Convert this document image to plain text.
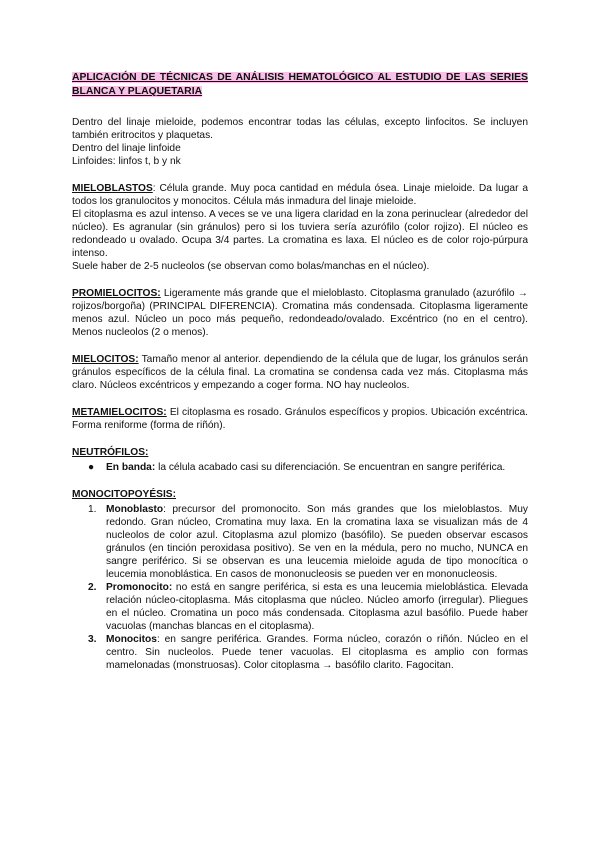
APLICACIÓN DE TÉCNICAS DE ANÁLISIS HEMATOLÓGICO AL ESTUDIO DE LAS SERIES BLANCA Y PLAQUETARIA

Dentro del linaje mieloide, podemos encontrar todas las células, excepto linfocitos. Se incluyen también eritrocitos y plaquetas.

Dentro del linaje linfoide

Linfoides: linfos t, b y nk

MIELOBLASTOS: Célula grande. Muy poca cantidad en médula ósea. Linaje mieloide. Da lugar a todos los granulocitos y monocitos. Célula más inmadura del linaje mieloide.

El citoplasma es azul intenso. A veces se ve una ligera claridad en la zona perinuclear (alrededor del núcleo). Es agranular (sin gránulos) pero si los tuviera sería azurófilo (color rojizo). El núcleo es redondeado u ovalado. Ocupa 3/4 partes. La cromatina es laxa. El núcleo es de color rojo-púrpura intenso.

Suele haber de 2-5 nucleolos (se observan como bolas/manchas en el núcleo).

PROMIELOCITOS: Ligeramente más grande que el mieloblasto. Citoplasma granulado (azurófilo → rojizos/borgoña) (PRINCIPAL DIFERENCIA). Cromatina más condensada. Citoplasma ligeramente menos azul. Núcleo un poco más pequeño, redondeado/ovalado. Excéntrico (no en el centro). Menos nucleolos (2 o menos).

MIELOCITOS: Tamaño menor al anterior. dependiendo de la célula que de lugar, los gránulos serán gránulos específicos de la célula final. La cromatina se condensa cada vez más. Citoplasma más claro. Núcleos excéntricos y empezando a coger forma. NO hay nucleolos.

METAMIELOCITOS: El citoplasma es rosado. Gránulos específicos y propios. Ubicación excéntrica. Forma reniforme (forma de riñón).

NEUTRÓFILOS:

● En banda: la célula acabado casi su diferenciación. Se encuentran en sangre periférica.

MONOCITOPOYÉSIS:

1. Monoblasto: precursor del promonocito. Son más grandes que los mieloblastos. Muy redondo. Gran núcleo, Cromatina muy laxa. En la cromatina laxa se visualizan más de 4 nucleolos de color azul. Citoplasma azul plomizo (basófilo). Se pueden observar escasos gránulos (en tinción peroxidasa positivo). Se ven en la médula, pero no mucho, NUNCA en sangre periférico. Si se observan es una leucemia mieloide aguda de tipo monocítica o leucemia monoblástica. En casos de mononucleosis se pueden ver en mononucleosis.
2. Promonocito: no está en sangre periférica, si esta es una leucemia mieloblástica. Elevada relación núcleo-citoplasma. Más citoplasma que núcleo. Núcleo amorfo (irregular). Pliegues en el núcleo. Cromatina un poco más condensada. Citoplasma azul basófilo. Puede haber vacuolas (manchas blancas en el citoplasma).
3. Monocitos: en sangre periférica. Grandes. Forma núcleo, corazón o riñón. Núcleo en el centro. Sin nucleolos. Puede tener vacuolas. El citoplasma es amplio con formas mamelonadas (monstruosas). Color citoplasma → basófilo clarito. Fagocitan.
